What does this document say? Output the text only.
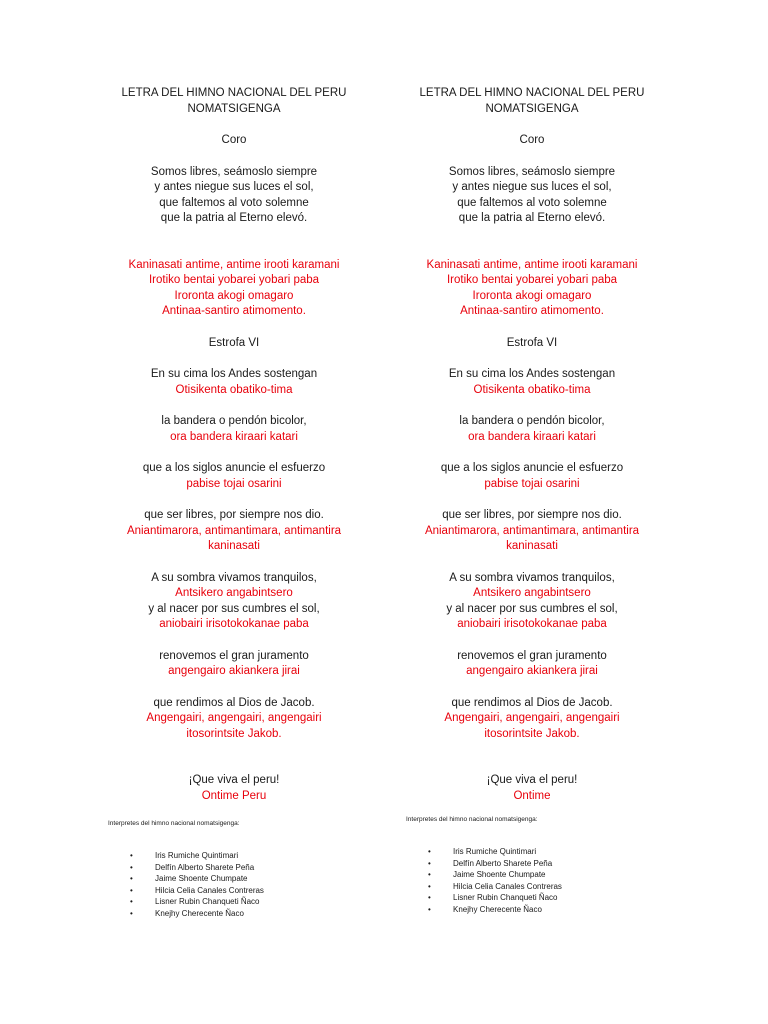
LETRA DEL HIMNO NACIONAL DEL PERU
NOMATSIGENGA
Coro
Somos libres, seámoslo siempre
y antes niegue sus luces el sol,
que faltemos al voto solemne
que la patria al Eterno elevó.
Kaninasati antime, antime irooti karamani
Irotiko bentai yobarei yobari paba
Iroronta akogi omagaro
Antinaa-santiro atimomento.
Estrofa VI
En su cima los Andes sostengan
Otisikenta obatiko-tima
la bandera o pendón bicolor,
ora bandera kiraari katari
que a los siglos anuncie el esfuerzo
pabise tojai osarini
que ser libres, por siempre nos dio.
Aniantimarora, antimantimara, antimantira
kaninasati
A su sombra vivamos tranquilos,
Antsikero angabintsero
y al nacer por sus cumbres el sol,
aniobairi irisotokokanae paba
renovemos el gran juramento
angengairo akiankera jirai
que rendimos al Dios de Jacob.
Angengairi, angengairi, angengairi
itosorintsite Jakob.
¡Que viva el peru!
Ontime Peru
Interpretes del himno nacional nomatsigenga:
•	Iris Rumiche Quintimari
•	Delfín Alberto Sharete Peña
•	Jaime Shoente Chumpate
•	Hilcia Celia Canales Contreras
•	Lisner Rubin Chanqueti Ñaco
•	Knejhy Cherecente Ñaco
LETRA DEL HIMNO NACIONAL DEL PERU
NOMATSIGENGA
Coro
Somos libres, seámoslo siempre
y antes niegue sus luces el sol,
que faltemos al voto solemne
que la patria al Eterno elevó.
Kaninasati antime, antime irooti karamani
Irotiko bentai yobarei yobari paba
Iroronta akogi omagaro
Antinaa-santiro atimomento.
Estrofa VI
En su cima los Andes sostengan
Otisikenta obatiko-tima
la bandera o pendón bicolor,
ora bandera kiraari katari
que a los siglos anuncie el esfuerzo
pabise tojai osarini
que ser libres, por siempre nos dio.
Aniantimarora, antimantimara, antimantira
kaninasati
A su sombra vivamos tranquilos,
Antsikero angabintsero
y al nacer por sus cumbres el sol,
aniobairi irisotokokanae paba
renovemos el gran juramento
angengairo akiankera jirai
que rendimos al Dios de Jacob.
Angengairi, angengairi, angengairi
itosorintsite Jakob.
¡Que viva el peru!
Ontime
Interpretes del himno nacional nomatsigenga:
•	Iris Rumiche Quintimari
•	Delfín Alberto Sharete Peña
•	Jaime Shoente Chumpate
•	Hilcia Celia Canales Contreras
•	Lisner Rubin Chanqueti Ñaco
•	Knejhy Cherecente Ñaco
